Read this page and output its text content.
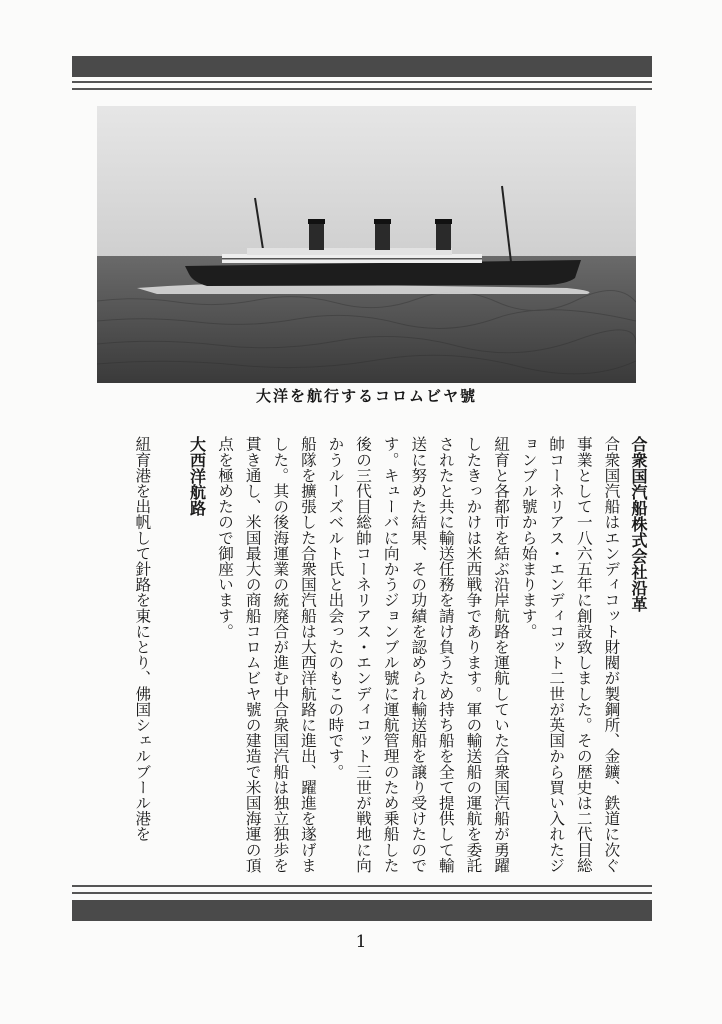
大洋を航行するコロムビヤ號

合衆国汽船株式会社沿革

合衆国汽船はエンディコット財閥が製鋼所、金鑛、鉄道に次ぐ事業として一八六五年に創設致しました。その歴史は二代目総帥コーネリアス・エンディコット二世が英国から買い入れたジョンブル號から始まります。

紐育と各都市を結ぶ沿岸航路を運航していた合衆国汽船が勇躍したきっかけは米西戦争であります。軍の輸送船の運航を委託されたと共に輸送任務を請け負うため持ち船を全て提供して輸送に努めた結果、その功績を認められ輸送船を譲り受けたのです。キューバに向かうジョンブル號に運航管理のため乗船した後の三代目総帥コーネリアス・エンディコット三世が戦地に向かうルーズベルト氏と出会ったのもこの時です。

船隊を擴張した合衆国汽船は大西洋航路に進出、躍進を遂げました。其の後海運業の統廃合が進む中合衆国汽船は独立独歩を貫き通し、米国最大の商船コロムビヤ號の建造で米国海運の頂点を極めたので御座います。

大西洋航路

紐育港を出帆して針路を東にとり、佛国シェルブール港を

1
